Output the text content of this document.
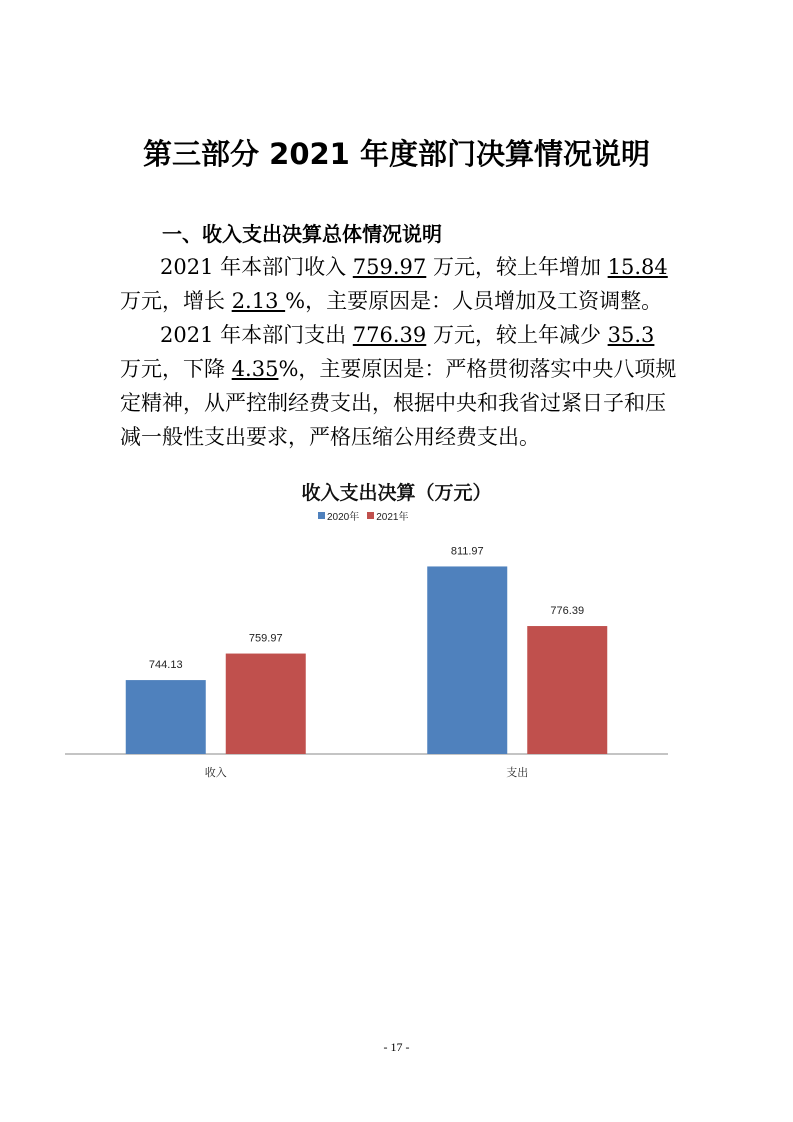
第三部分 2021 年度部门决算情况说明
一、收入支出决算总体情况说明
2021 年本部门收入 759.97 万元，较上年增加 15.84 万元，增长 2.13 %，主要原因是：人员增加及工资调整。
2021 年本部门支出 776.39 万元，较上年减少 35.3 万元，下降 4.35%，主要原因是：严格贯彻落实中央八项规定精神，从严控制经费支出，根据中央和我省过紧日子和压减一般性支出要求，严格压缩公用经费支出。
收入支出决算（万元）
2020年 2021年
744.13
759.97
收入
811.97
776.39
支出
- 17 -
